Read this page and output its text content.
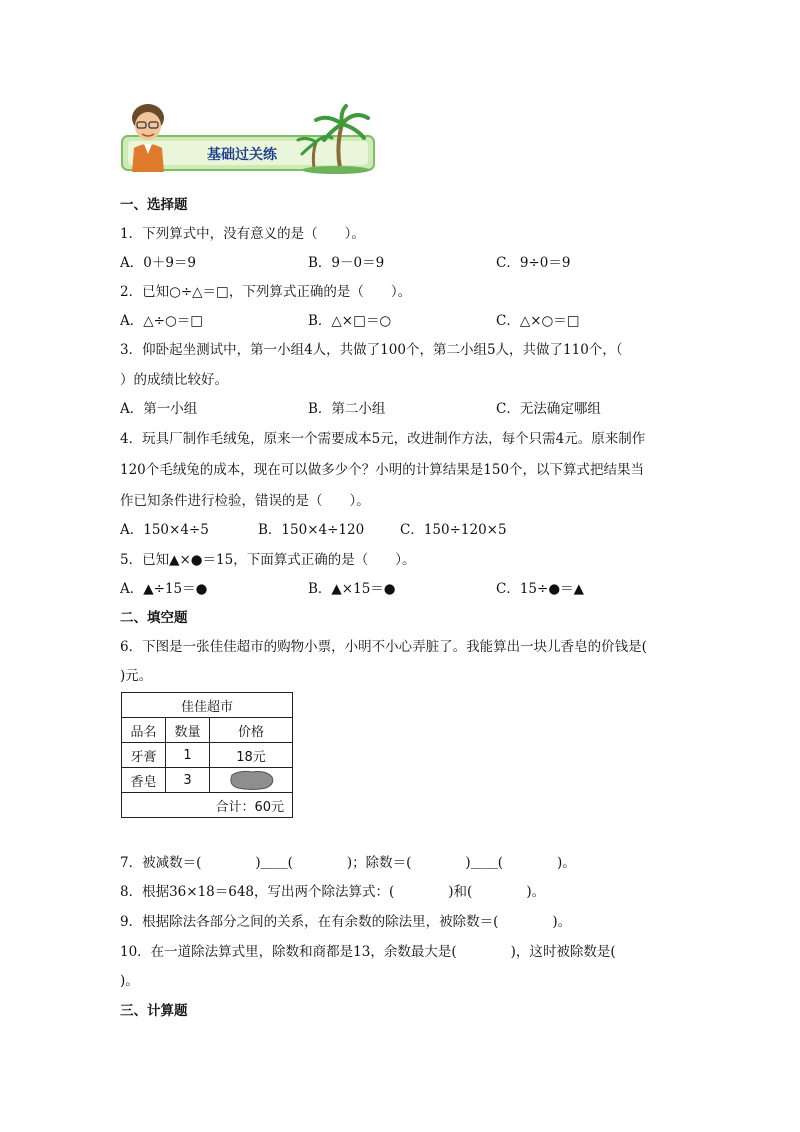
基础过关练
一、选择题
1．下列算式中，没有意义的是（　　）。
A．0＋9＝9	B．9－0＝9	C．9÷0＝9
2．已知○÷△＝□，下列算式正确的是（　　）。
A．△÷○＝□	B．△×□＝○	C．△×○＝□
3．仰卧起坐测试中，第一小组4人，共做了100个，第二小组5人，共做了110个，（
）的成绩比较好。
A．第一小组	B．第二小组	C．无法确定哪组
4．玩具厂制作毛绒兔，原来一个需要成本5元，改进制作方法，每个只需4元。原来制作
120个毛绒兔的成本，现在可以做多少个？小明的计算结果是150个，以下算式把结果当
作已知条件进行检验，错误的是（　　）。
A．150×4÷5	B．150×4÷120	C．150÷120×5
5．已知▲×●＝15，下面算式正确的是（　　）。
A．▲÷15＝●	B．▲×15＝●	C．15÷●＝▲
二、填空题
6．下图是一张佳佳超市的购物小票，小明不小心弄脏了。我能算出一块儿香皂的价钱是(
)元。
佳佳超市		
品名	数量	价格
牙膏	1	18元
香皂	3	
合计：60元		
7．被减数＝(　　　　)＿＿(　　　　)；除数＝(　　　　)＿＿(　　　　)。
8．根据36×18＝648，写出两个除法算式：(　　　　)和(　　　　)。
9．根据除法各部分之间的关系，在有余数的除法里，被除数＝(　　　　)。
10．在一道除法算式里，除数和商都是13，余数最大是(　　　　)，这时被除数是(
)。
三、计算题
